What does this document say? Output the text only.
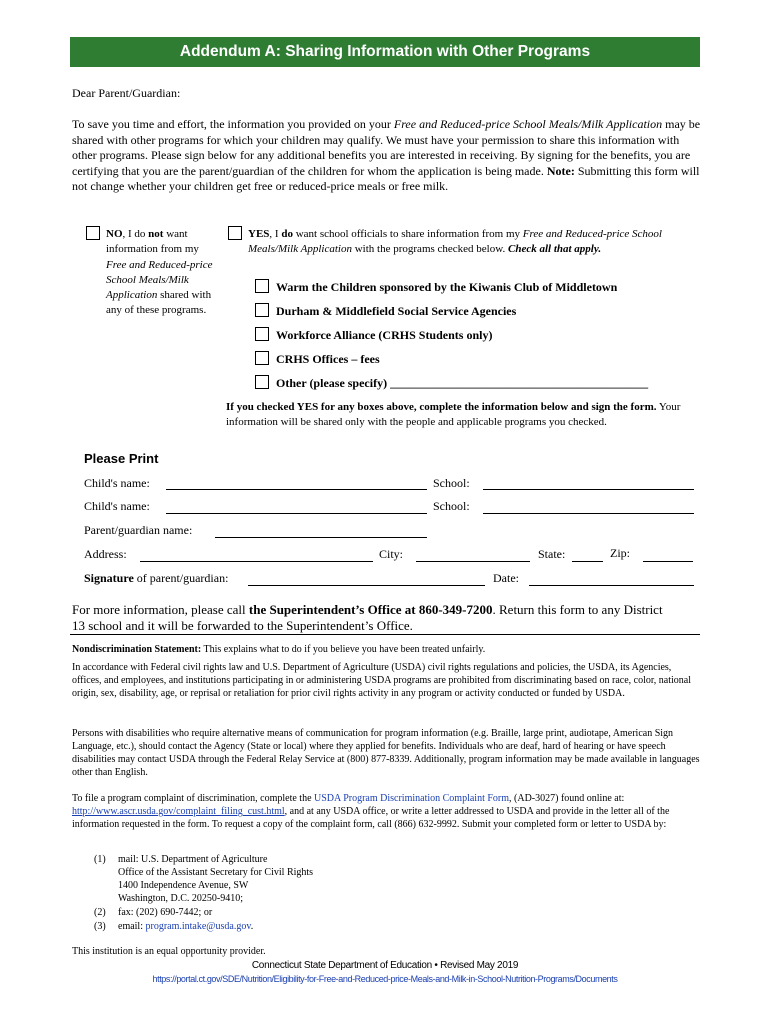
Addendum A: Sharing Information with Other Programs
Dear Parent/Guardian:
To save you time and effort, the information you provided on your Free and Reduced-price School Meals/Milk Application may be shared with other programs for which your children may qualify. We must have your permission to share this information with other programs. Please sign below for any additional benefits you are interested in receiving. By signing for the benefits, you are certifying that you are the parent/guardian of the children for whom the application is being made. Note: Submitting this form will not change whether your children get free or reduced-price meals or free milk.
NO, I do not want information from my Free and Reduced-price School Meals/Milk Application shared with any of these programs.
YES, I do want school officials to share information from my Free and Reduced-price School Meals/Milk Application with the programs checked below. Check all that apply.
Warm the Children sponsored by the Kiwanis Club of Middletown
Durham & Middlefield Social Service Agencies
Workforce Alliance (CRHS Students only)
CRHS Offices – fees
Other (please specify) ___________________________________________
If you checked YES for any boxes above, complete the information below and sign the form. Your information will be shared only with the people and applicable programs you checked.
Please Print
Child's name:	School:
Child's name:	School:
Parent/guardian name:
Address:	City:	State:	Zip:
Signature of parent/guardian:	Date:
For more information, please call the Superintendent’s Office at 860-349-7200. Return this form to any District 13 school and it will be forwarded to the Superintendent’s Office.
Nondiscrimination Statement: This explains what to do if you believe you have been treated unfairly.
In accordance with Federal civil rights law and U.S. Department of Agriculture (USDA) civil rights regulations and policies, the USDA, its Agencies, offices, and employees, and institutions participating in or administering USDA programs are prohibited from discriminating based on race, color, national origin, sex, disability, age, or reprisal or retaliation for prior civil rights activity in any program or activity conducted or funded by USDA.
Persons with disabilities who require alternative means of communication for program information (e.g. Braille, large print, audiotape, American Sign Language, etc.), should contact the Agency (State or local) where they applied for benefits. Individuals who are deaf, hard of hearing or have speech disabilities may contact USDA through the Federal Relay Service at (800) 877-8339. Additionally, program information may be made available in languages other than English.
To file a program complaint of discrimination, complete the USDA Program Discrimination Complaint Form, (AD-3027) found online at: http://www.ascr.usda.gov/complaint_filing_cust.html, and at any USDA office, or write a letter addressed to USDA and provide in the letter all of the information requested in the form. To request a copy of the complaint form, call (866) 632-9992. Submit your completed form or letter to USDA by:
(1) mail: U.S. Department of Agriculture
Office of the Assistant Secretary for Civil Rights
1400 Independence Avenue, SW
Washington, D.C. 20250-9410;
(2) fax: (202) 690-7442; or
(3) email: program.intake@usda.gov.
This institution is an equal opportunity provider.
Connecticut State Department of Education • Revised May 2019
https://portal.ct.gov/SDE/Nutrition/Eligibility-for-Free-and-Reduced-price-Meals-and-Milk-in-School-Nutrition-Programs/Documents
